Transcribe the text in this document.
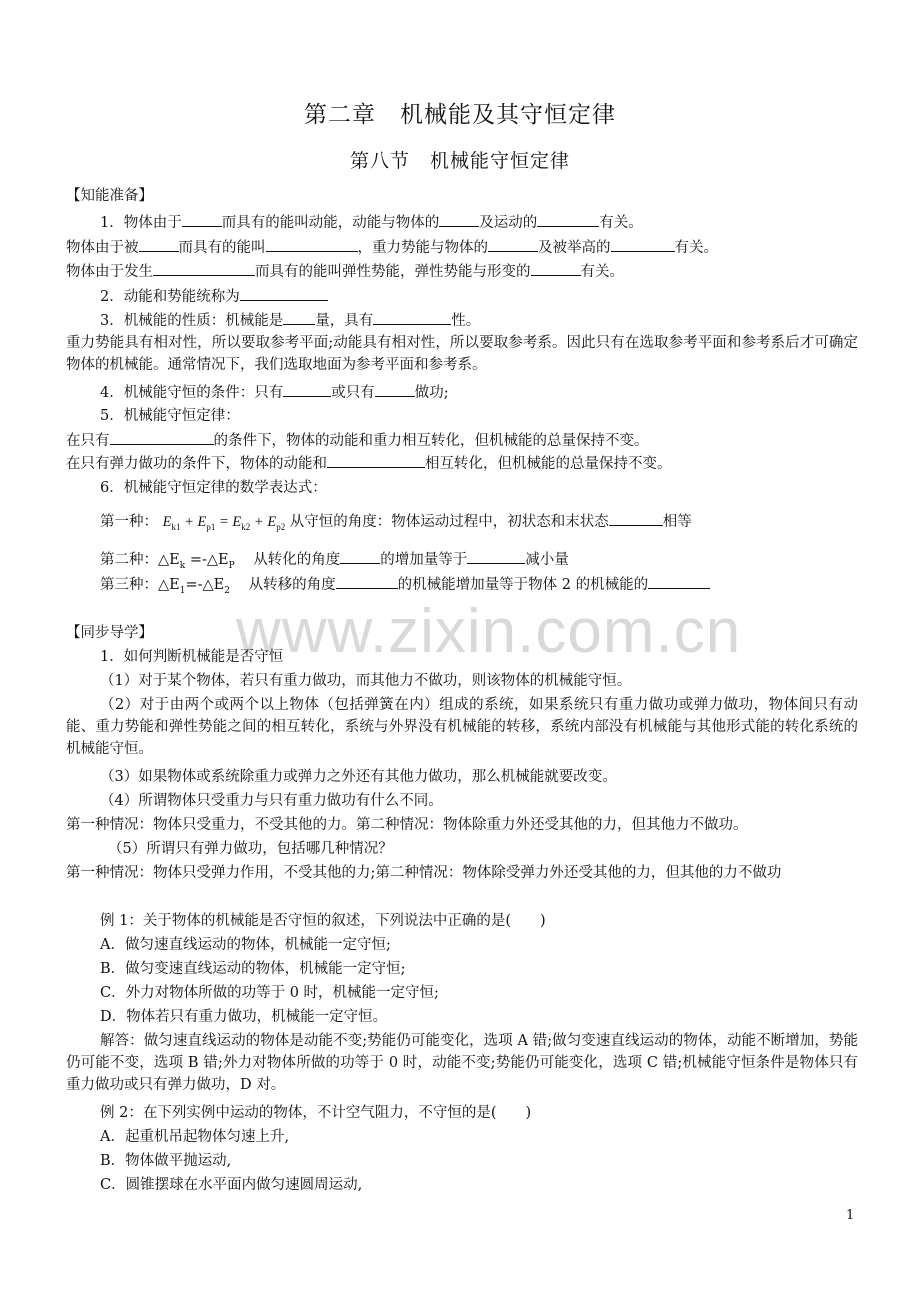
www.zixin.com.cn
第二章　机械能及其守恒定律
第八节　机械能守恒定律
【知能准备】
1．物体由于	而具有的能叫动能，动能与物体的	及运动的	有关。
物体由于被	而具有的能叫	，重力势能与物体的	及被举高的	有关。
物体由于发生	而具有的能叫弹性势能，弹性势能与形变的	有关。
2．动能和势能统称为
3．机械能的性质：机械能是 量，具有	性。
重力势能具有相对性，所以要取参考平面;动能具有相对性，所以要取参考系。因此只有在选取参考平面和参考系后才可确定物体的机械能。通常情况下，我们选取地面为参考平面和参考系。
4．机械能守恒的条件：只有	或只有	做功;
5．机械能守恒定律：
在只有	的条件下，物体的动能和重力相互转化，但机械能的总量保持不变。
在只有弹力做功的条件下，物体的动能和	相互转化，但机械能的总量保持不变。
6．机械能守恒定律的数学表达式：
第一种： $E_{k1} + E_{p1} = E_{k2} + E_{p2}$ 从守恒的角度：物体运动过程中，初状态和末状态	相等
第二种：$\triangle E_k$ $=-\triangle E_P$ 从转化的角度	的增加量等于	减小量
第三种：$\triangle E_1=-\triangle E_2$ 从转移的角度	的机械能增加量等于物体 2 的机械能的
【同步导学】
1．如何判断机械能是否守恒
（1）对于某个物体，若只有重力做功，而其他力不做功，则该物体的机械能守恒。
（2）对于由两个或两个以上物体（包括弹簧在内）组成的系统，如果系统只有重力做功或弹力做功，物体间只有动能、重力势能和弹性势能之间的相互转化，系统与外界没有机械能的转移，系统内部没有机械能与其他形式能的转化系统的机械能守恒。
（3）如果物体或系统除重力或弹力之外还有其他力做功，那么机械能就要改变。
（4）所谓物体只受重力与只有重力做功有什么不同。
第一种情况：物体只受重力，不受其他的力。第二种情况：物体除重力外还受其他的力，但其他力不做功。
（5）所谓只有弹力做功，包括哪几种情况？
第一种情况：物体只受弹力作用，不受其他的力;第二种情况：物体除受弹力外还受其他的力，但其他的力不做功
例 1：关于物体的机械能是否守恒的叙述，下列说法中正确的是(　　)
A．做匀速直线运动的物体，机械能一定守恒;
B．做匀变速直线运动的物体，机械能一定守恒;
C．外力对物体所做的功等于 0 时，机械能一定守恒;
D．物体若只有重力做功，机械能一定守恒。
解答：做匀速直线运动的物体是动能不变;势能仍可能变化，选项 A 错;做匀变速直线运动的物体，动能不断增加，势能仍可能不变，选项 B 错;外力对物体所做的功等于 0 时，动能不变;势能仍可能变化，选项 C 错;机械能守恒条件是物体只有重力做功或只有弹力做功，D 对。
例 2：在下列实例中运动的物体，不计空气阻力，不守恒的是(　　)
A．起重机吊起物体匀速上升,
B．物体做平抛运动,
C．圆锥摆球在水平面内做匀速圆周运动,
1
